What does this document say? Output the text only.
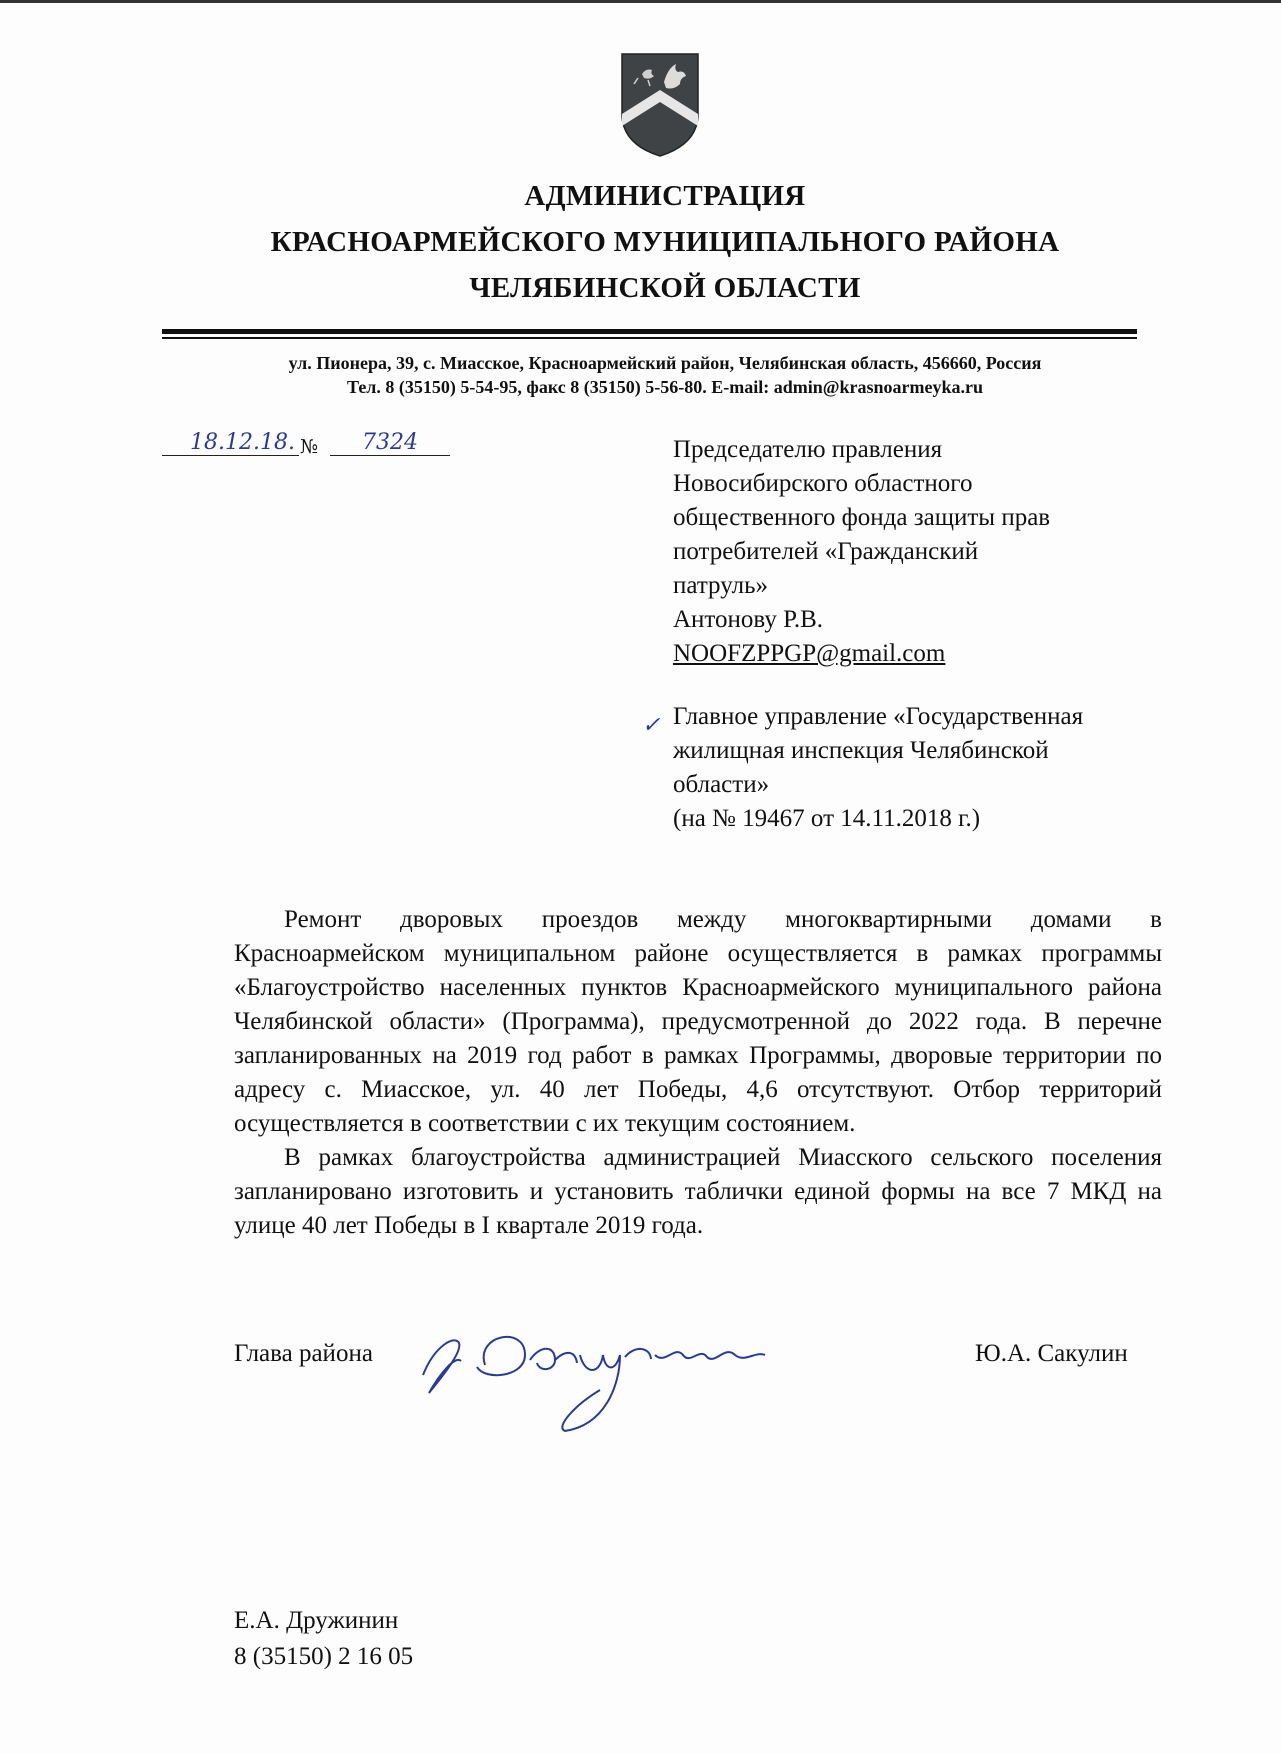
АДМИНИСТРАЦИЯ
КРАСНОАРМЕЙСКОГО МУНИЦИПАЛЬНОГО РАЙОНА
ЧЕЛЯБИНСКОЙ ОБЛАСТИ
ул. Пионера, 39, с. Миасское, Красноармейский район, Челябинская область, 456660, Россия
Тел. 8 (35150) 5-54-95, факс 8 (35150) 5-56-80. E-mail: admin@krasnoarmeyka.ru
18.12.18. № 7324	Председателю правления
Новосибирского областного
общественного фонда защиты прав
потребителей «Гражданский
патруль»
Антонову Р.В.
NOOFZPPGP@gmail.com
✓ Главное управление «Государственная
жилищная инспекция Челябинской
области»
(на № 19467 от 14.11.2018 г.)

Ремонт дворовых проездов между многоквартирными домами в Красноармейском муниципальном районе осуществляется в рамках программы «Благоустройство населенных пунктов Красноармейского муниципального района Челябинской области» (Программа), предусмотренной до 2022 года. В перечне запланированных на 2019 год работ в рамках Программы, дворовые территории по адресу с. Миасское, ул. 40 лет Победы, 4,6 отсутствуют. Отбор территорий осуществляется в соответствии с их текущим состоянием.

В рамках благоустройства администрацией Миасского сельского поселения запланировано изготовить и установить таблички единой формы на все 7 МКД на улице 40 лет Победы в I квартале 2019 года.

Глава района	Ю.А. Сакулин
Е.А. Дружинин
8 (35150) 2 16 05
